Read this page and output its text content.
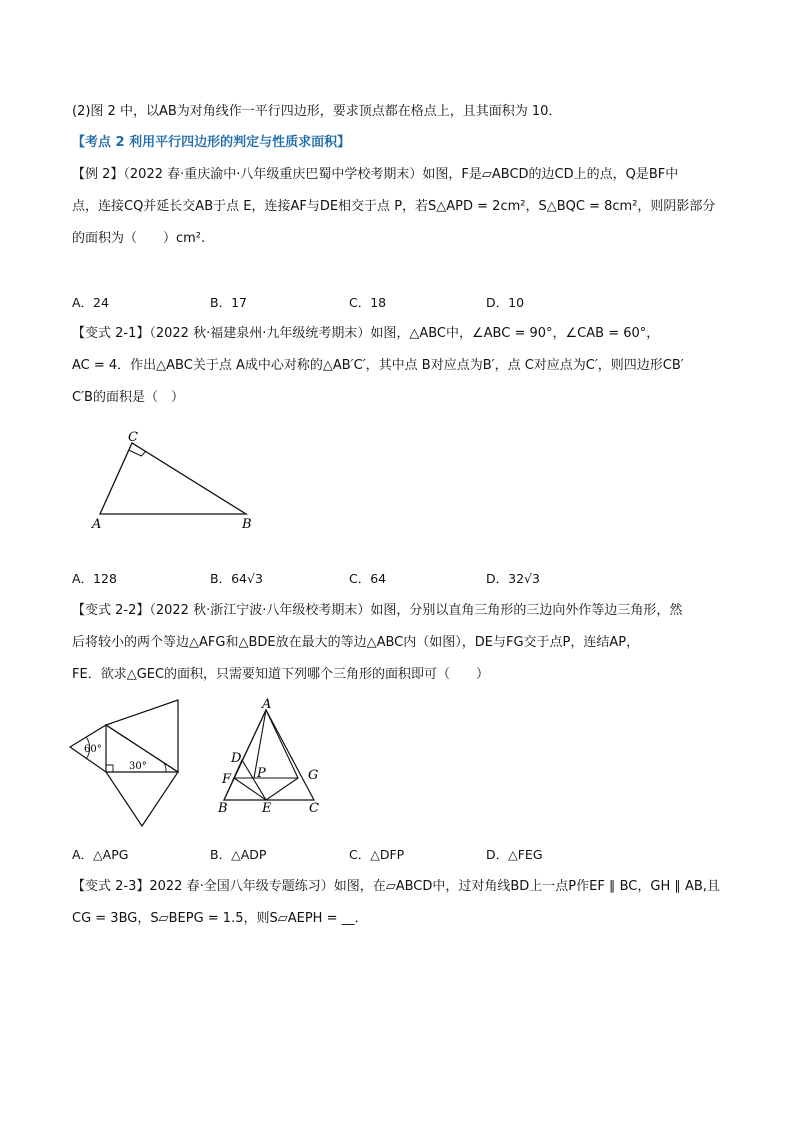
(2)图 2 中，以AB为对角线作一平行四边形，要求顶点都在格点上，且其面积为 10．
【考点 2 利用平行四边形的判定与性质求面积】
【例 2】（2022 春·重庆渝中·八年级重庆巴蜀中学校考期末）如图，F是▱ABCD的边CD上的点，Q是BF中
点，连接CQ并延长交AB于点 E，连接AF与DE相交于点 P，若S△APD = 2cm²，S△BQC = 8cm²，则阴影部分
的面积为（　　）cm².
A．24	B．17	C．18	D．10
【变式 2-1】（2022 秋·福建泉州·九年级统考期末）如图，△ABC中，∠ABC = 90°，∠CAB = 60°，
AC = 4．作出△ABC关于点 A成中心对称的△AB′C′，其中点 B对应点为B′，点 C对应点为C′，则四边形CB′
C′B的面积是（　）
A	B
C
A．128	B．64√3	C．64	D．32√3
【变式 2-2】（2022 秋·浙江宁波·八年级校考期末）如图，分别以直角三角形的三边向外作等边三角形，然
后将较小的两个等边△AFG和△BDE放在最大的等边△ABC内（如图），DE与FG交于点P，连结AP，
FE．欲求△GEC的面积，只需要知道下列哪个三角形的面积即可（　　）
60°
30°
A
B	C
D
E
F	G
P
A．△APG	B．△ADP	C．△DFP	D．△FEG
【变式 2-3】2022 春·全国八年级专题练习）如图，在▱ABCD中，过对角线BD上一点P作EF ∥ BC，GH ∥ AB,且
CG = 3BG，S▱BEPG = 1.5，则S▱AEPH = __．
